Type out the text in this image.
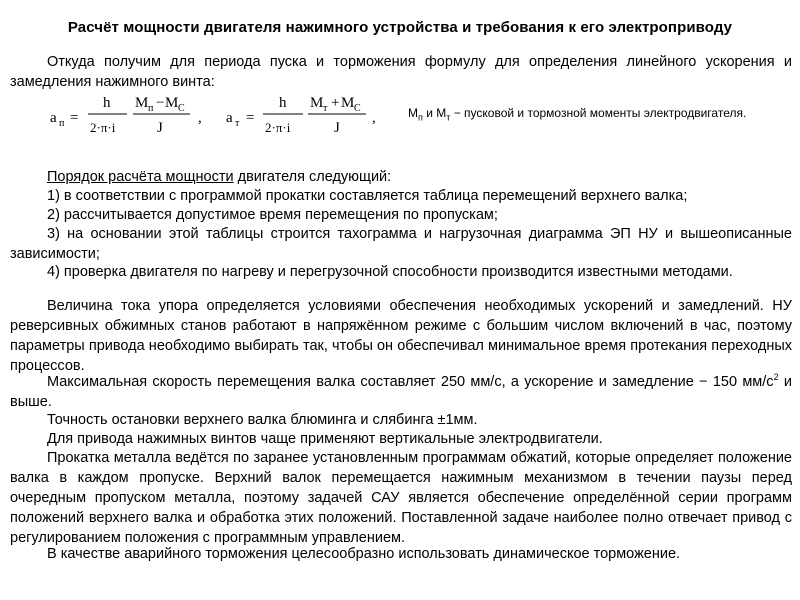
Расчёт мощности двигателя нажимного устройства и требования к его электроприводу

Откуда получим для периода пуска и торможения формулу для определения линейного ускорения и замедления нажимного винта:

a п =
h
2·π·i
M п − M C
J
, a т =
h
2·π·i
M т + M C
J
,	$M_п$ и $M_т$ − пусковой и тормозной моменты электродвигателя.

Порядок расчёта мощности двигателя следующий:

1) в соответствии с программой прокатки составляется таблица перемещений верхнего валка;

2) рассчитывается допустимое время перемещения по пропускам;

3) на основании этой таблицы строится тахограмма и нагрузочная диаграмма ЭП НУ и вышеописанные зависимости;

4) проверка двигателя по нагреву и перегрузочной способности производится известными методами.

Величина тока упора определяется условиями обеспечения необходимых ускорений и замедлений. НУ реверсивных обжимных станов работают в напряжённом режиме с большим числом включений в час, поэтому параметры привода необходимо выбирать так, чтобы он обеспечивал минимальное время протекания переходных процессов.

Максимальная скорость перемещения валка составляет 250 мм/с, а ускорение и замедление − 150 $мм/с^2$ и выше.

Точность остановки верхнего валка блюминга и слябинга ±1мм.

Для привода нажимных винтов чаще применяют вертикальные электродвигатели.

Прокатка металла ведётся по заранее установленным программам обжатий, которые определяет положение валка в каждом пропуске. Верхний валок перемещается нажимным механизмом в течении паузы перед очередным пропуском металла, поэтому задачей САУ является обеспечение определённой серии программ положений верхнего валка и обработка этих положений. Поставленной задаче наиболее полно отвечает привод с регулированием положения с программным управлением.

В качестве аварийного торможения целесообразно использовать динамическое торможение.
